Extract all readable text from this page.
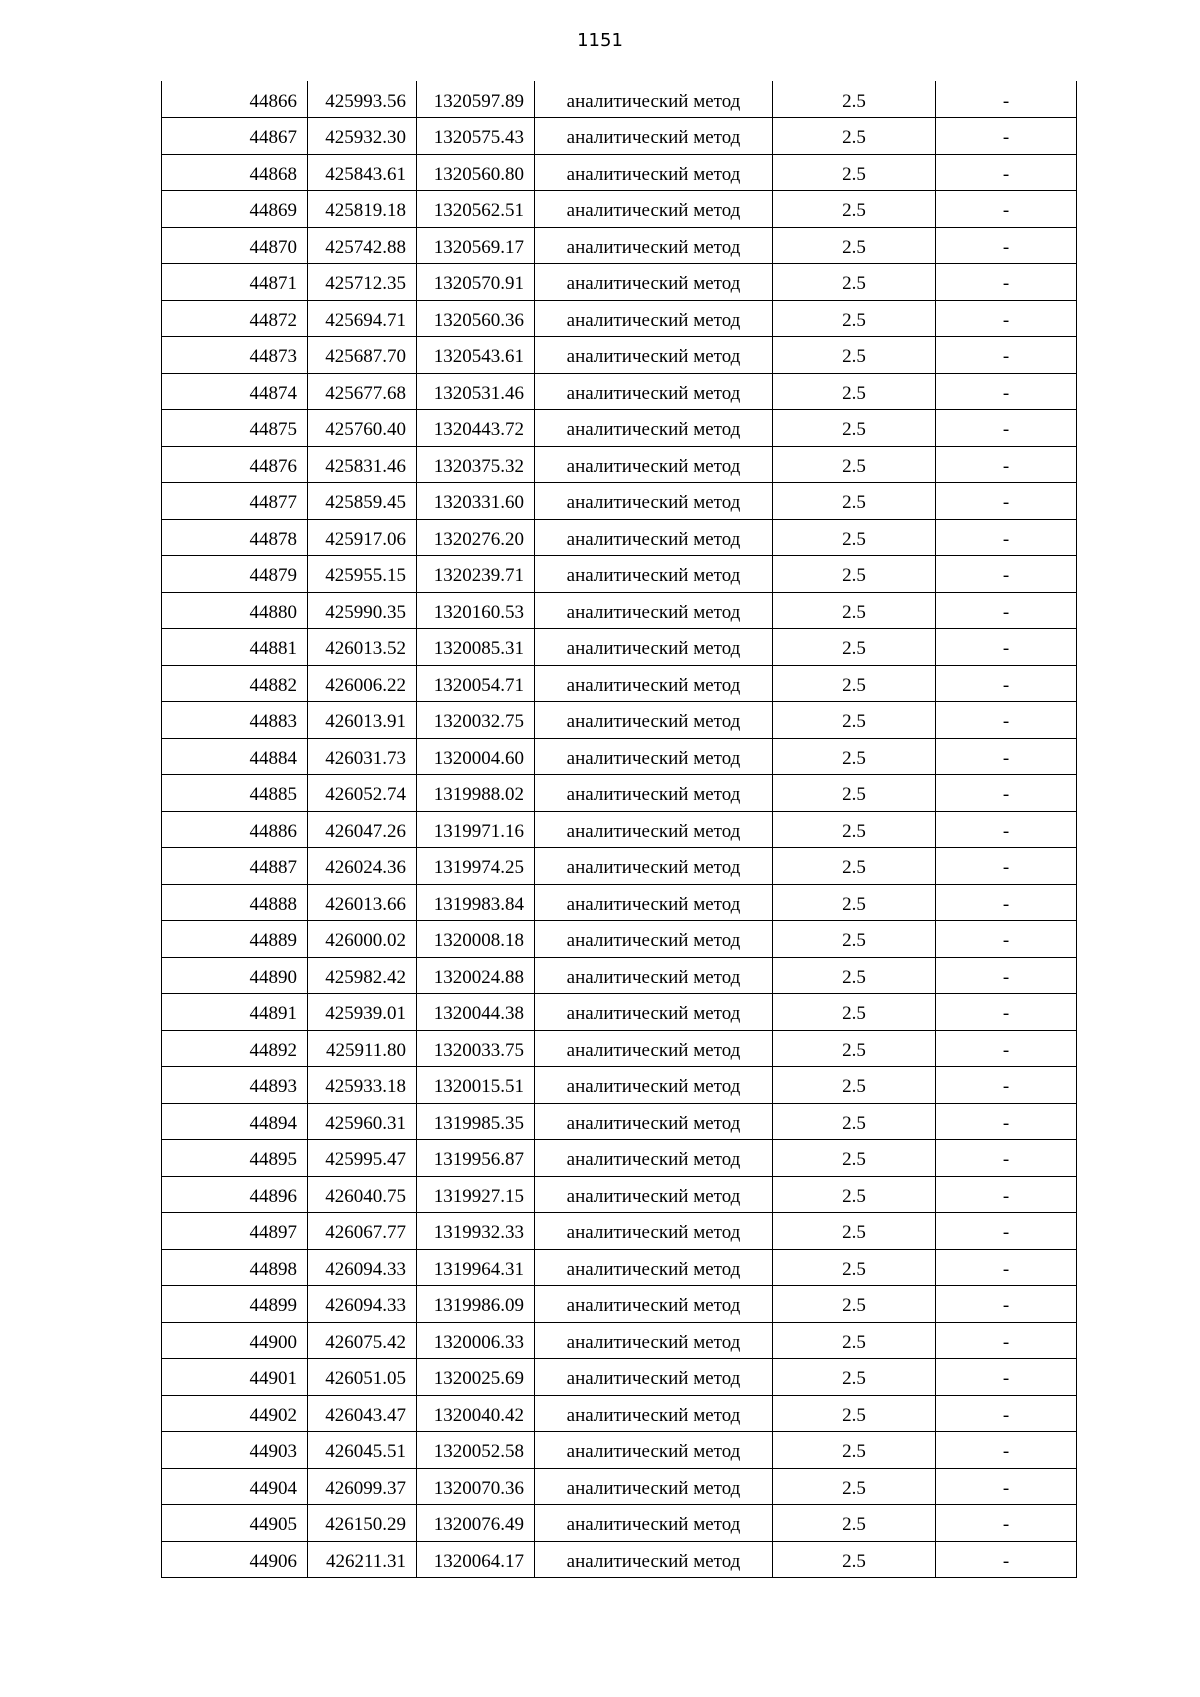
1151
44866	425993.56	1320597.89	аналитический метод	2.5	-
44867	425932.30	1320575.43	аналитический метод	2.5	-
44868	425843.61	1320560.80	аналитический метод	2.5	-
44869	425819.18	1320562.51	аналитический метод	2.5	-
44870	425742.88	1320569.17	аналитический метод	2.5	-
44871	425712.35	1320570.91	аналитический метод	2.5	-
44872	425694.71	1320560.36	аналитический метод	2.5	-
44873	425687.70	1320543.61	аналитический метод	2.5	-
44874	425677.68	1320531.46	аналитический метод	2.5	-
44875	425760.40	1320443.72	аналитический метод	2.5	-
44876	425831.46	1320375.32	аналитический метод	2.5	-
44877	425859.45	1320331.60	аналитический метод	2.5	-
44878	425917.06	1320276.20	аналитический метод	2.5	-
44879	425955.15	1320239.71	аналитический метод	2.5	-
44880	425990.35	1320160.53	аналитический метод	2.5	-
44881	426013.52	1320085.31	аналитический метод	2.5	-
44882	426006.22	1320054.71	аналитический метод	2.5	-
44883	426013.91	1320032.75	аналитический метод	2.5	-
44884	426031.73	1320004.60	аналитический метод	2.5	-
44885	426052.74	1319988.02	аналитический метод	2.5	-
44886	426047.26	1319971.16	аналитический метод	2.5	-
44887	426024.36	1319974.25	аналитический метод	2.5	-
44888	426013.66	1319983.84	аналитический метод	2.5	-
44889	426000.02	1320008.18	аналитический метод	2.5	-
44890	425982.42	1320024.88	аналитический метод	2.5	-
44891	425939.01	1320044.38	аналитический метод	2.5	-
44892	425911.80	1320033.75	аналитический метод	2.5	-
44893	425933.18	1320015.51	аналитический метод	2.5	-
44894	425960.31	1319985.35	аналитический метод	2.5	-
44895	425995.47	1319956.87	аналитический метод	2.5	-
44896	426040.75	1319927.15	аналитический метод	2.5	-
44897	426067.77	1319932.33	аналитический метод	2.5	-
44898	426094.33	1319964.31	аналитический метод	2.5	-
44899	426094.33	1319986.09	аналитический метод	2.5	-
44900	426075.42	1320006.33	аналитический метод	2.5	-
44901	426051.05	1320025.69	аналитический метод	2.5	-
44902	426043.47	1320040.42	аналитический метод	2.5	-
44903	426045.51	1320052.58	аналитический метод	2.5	-
44904	426099.37	1320070.36	аналитический метод	2.5	-
44905	426150.29	1320076.49	аналитический метод	2.5	-
44906	426211.31	1320064.17	аналитический метод	2.5	-
